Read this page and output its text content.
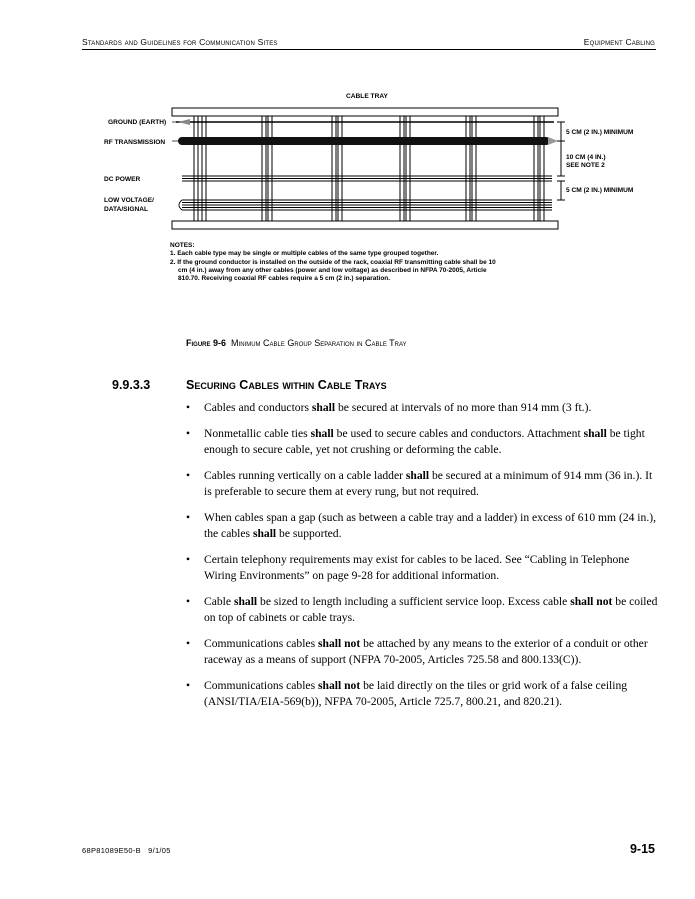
Standards and Guidelines for Communication Sites	Equipment Cabling
CABLE TRAY
GROUND (EARTH)
RF TRANSMISSION
DC POWER
LOW VOLTAGE/
DATA/SIGNAL
5 CM (2 IN.) MINIMUM
10 CM (4 IN.)
SEE NOTE 2
5 CM (2 IN.) MINIMUM

NOTES:

1. Each cable type may be single or multiple cables of the same type grouped together.

2. If the ground conductor is installed on the outside of the rack, coaxial RF transmitting cable shall be 10

cm (4 in.) away from any other cables (power and low voltage) as described in NFPA 70-2005, Article

810.70. Receiving coaxial RF cables require a 5 cm (2 in.) separation.

Figure 9-6 Minimum Cable Group Separation in Cable Tray
9.9.3.3	Securing Cables within Cable Trays
• Cables and conductors shall be secured at intervals of no more than 914 mm (3 ft.).
• Nonmetallic cable ties shall be used to secure cables and conductors. Attachment shall be tight enough to secure cable, yet not crushing or deforming the cable.
• Cables running vertically on a cable ladder shall be secured at a minimum of 914 mm (36 in.). It is preferable to secure them at every rung, but not required.
• When cables span a gap (such as between a cable tray and a ladder) in excess of 610 mm (24 in.), the cables shall be supported.
• Certain telephony requirements may exist for cables to be laced. See “Cabling in Telephone Wiring Environments” on page 9-28 for additional information.
• Cable shall be sized to length including a sufficient service loop. Excess cable shall not be coiled on top of cabinets or cable trays.
• Communications cables shall not be attached by any means to the exterior of a conduit or other raceway as a means of support (NFPA 70-2005, Articles 725.58 and 800.133(C)).
• Communications cables shall not be laid directly on the tiles or grid work of a false ceiling (ANSI/TIA/EIA-569(b)), NFPA 70-2005, Article 725.7, 800.21, and 820.21).
68P81089E50-B   9/1/05	9-15
